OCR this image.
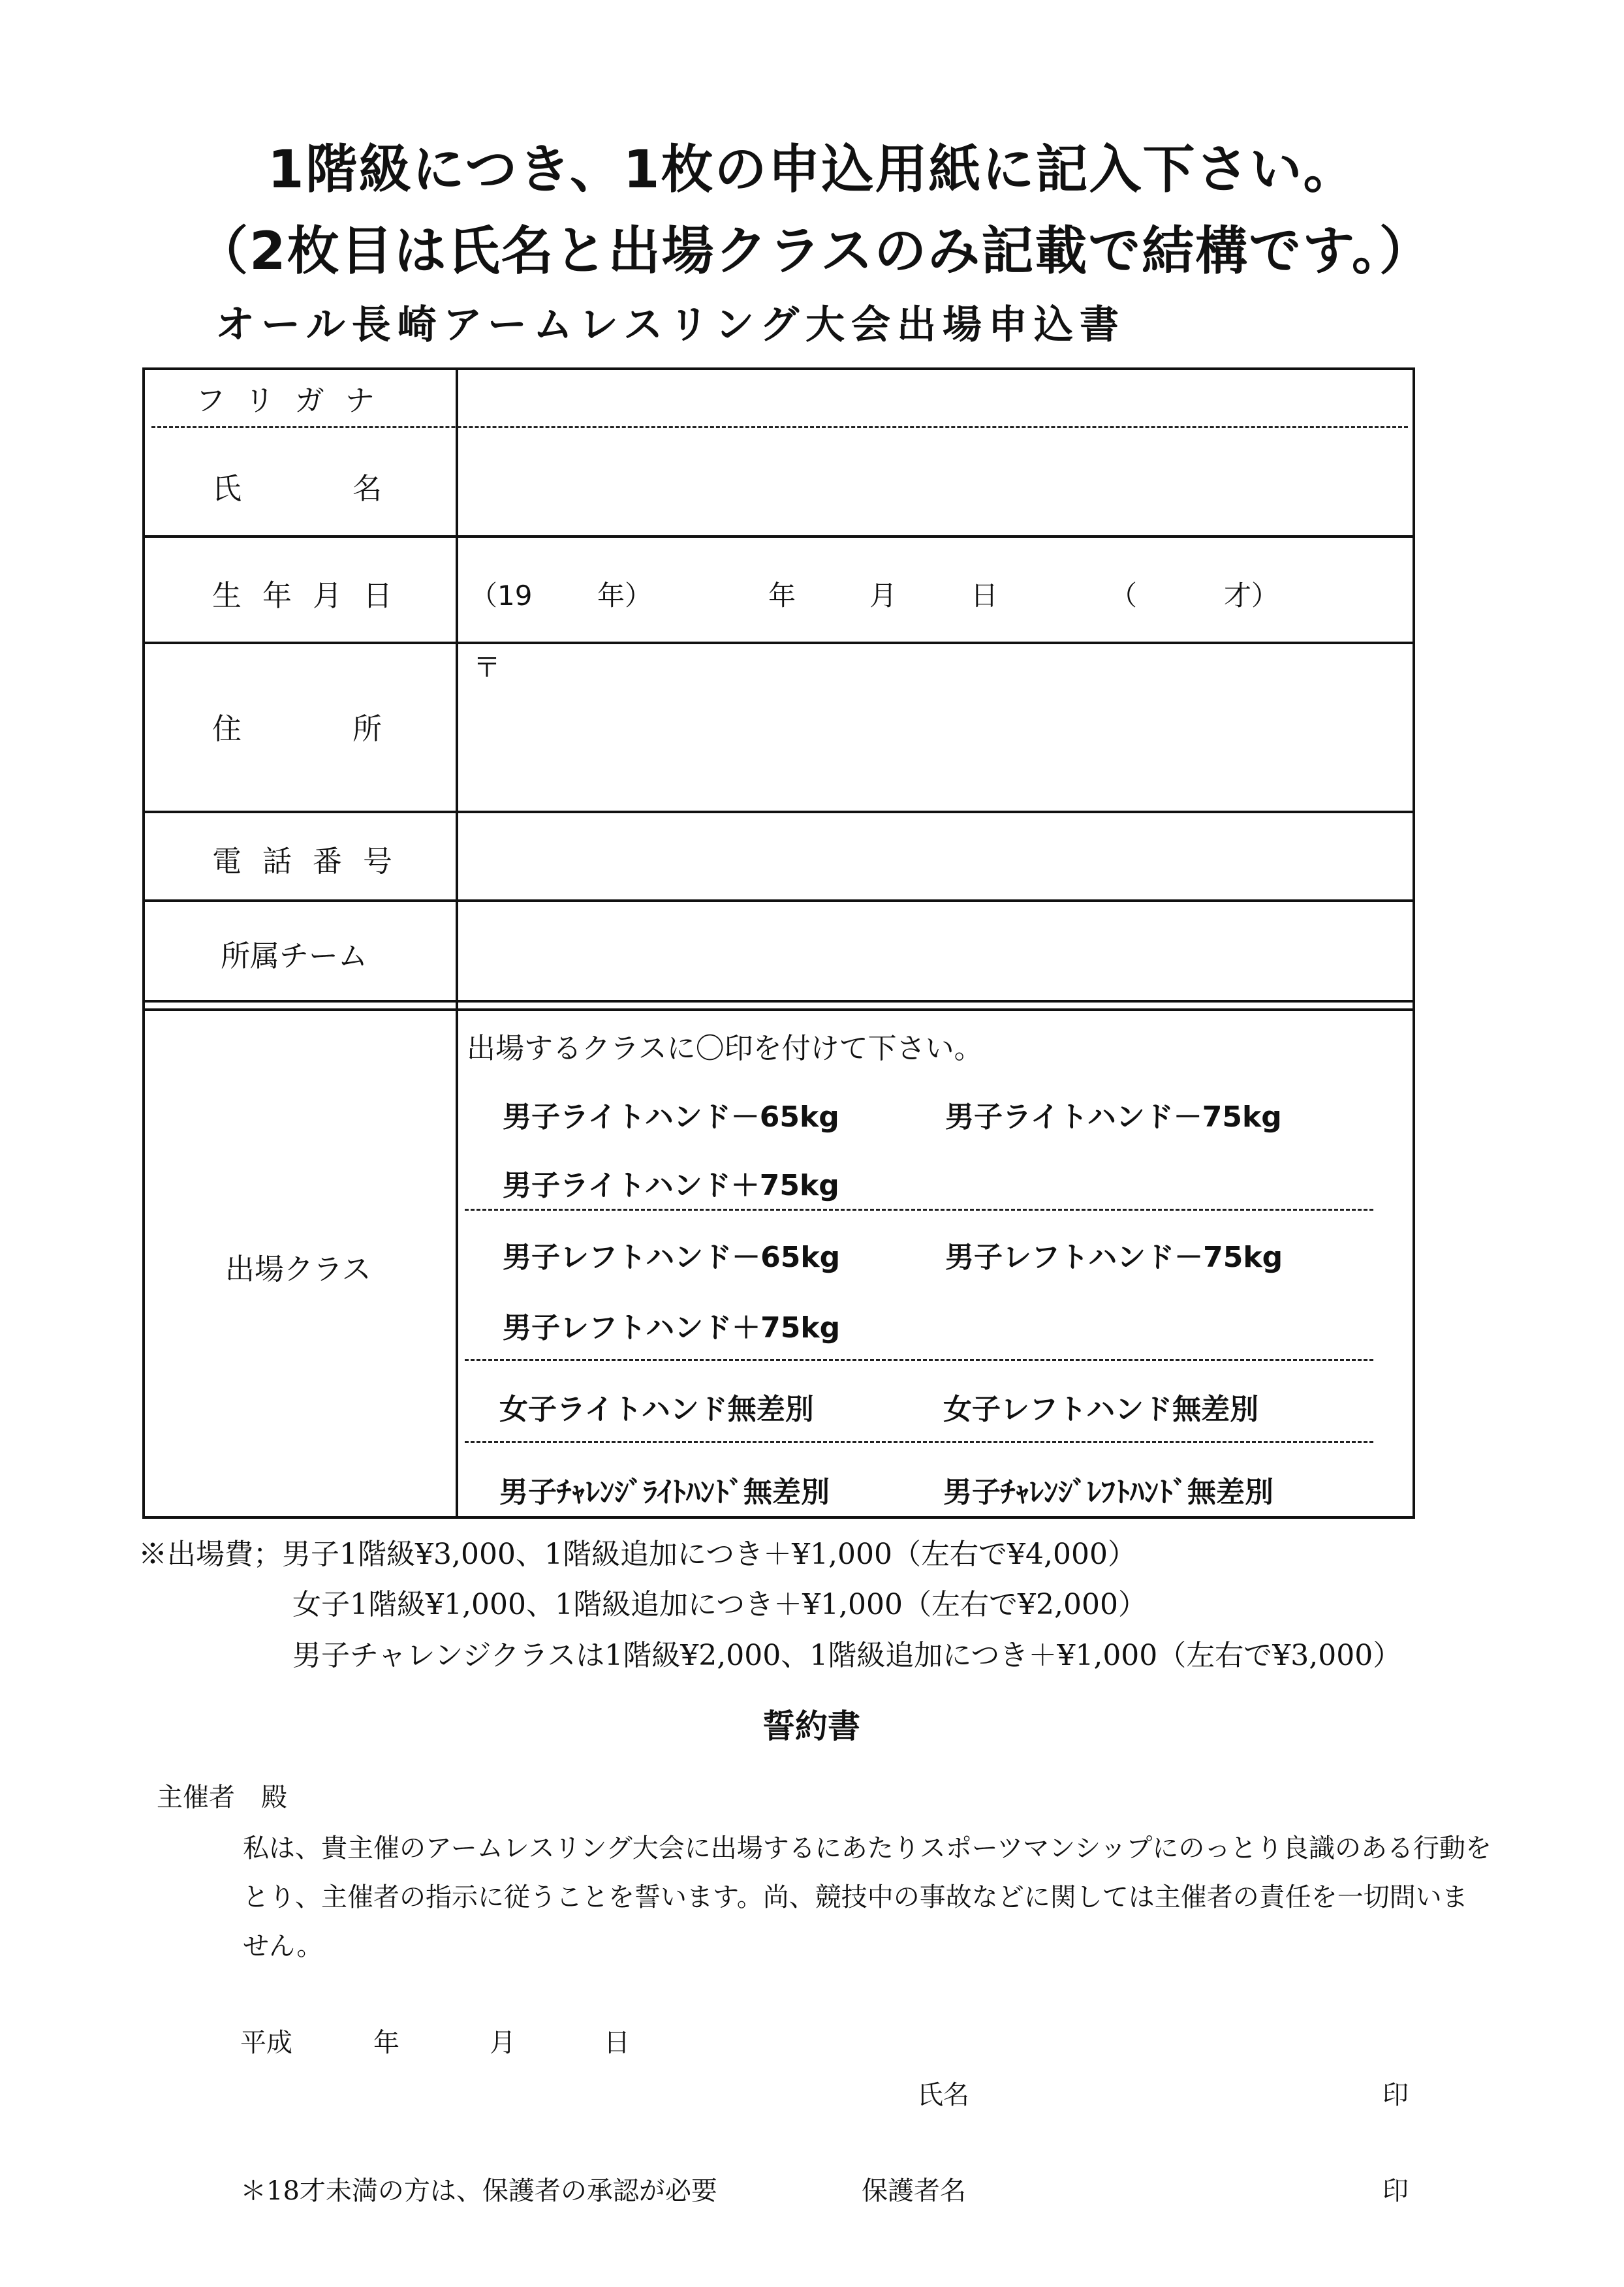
1階級につき、1枚の申込用紙に記入下さい。
（2枚目は氏名と出場クラスのみ記載で結構です。）
オール長崎アームレスリング大会出場申込書
フリガナ
氏名
生年月日 （19 年）	年	月	日	（	才）
住所
〒
電話番号
所属チーム
出場クラス
出場するクラスに〇印を付けて下さい。
男子ライトハンド－65kg	男子ライトハンド－75kg
男子ライトハンド＋75kg
男子レフトハンド－65kg	男子レフトハンド－75kg
男子レフトハンド＋75kg
女子ライトハンド無差別	女子レフトハンド無差別
男子ﾁｬﾚﾝｼﾞﾗｲﾄﾊﾝﾄﾞ無差別	男子ﾁｬﾚﾝｼﾞﾚﾌﾄﾊﾝﾄﾞ無差別
※出場費；男子1階級¥3,000、1階級追加につき＋¥1,000（左右で¥4,000）
女子1階級¥1,000、1階級追加につき＋¥1,000（左右で¥2,000）
男子チャレンジクラスは1階級¥2,000、1階級追加につき＋¥1,000（左右で¥3,000）
誓約書
主催者　殿
私は、貴主催のアームレスリング大会に出場するにあたりスポーツマンシップにのっとり良識のある行動を
とり、主催者の指示に従うことを誓います。尚、競技中の事故などに関しては主催者の責任を一切問いま
せん。
平成	年	月	日
氏名	印
＊18才未満の方は、保護者の承認が必要	保護者名	印
